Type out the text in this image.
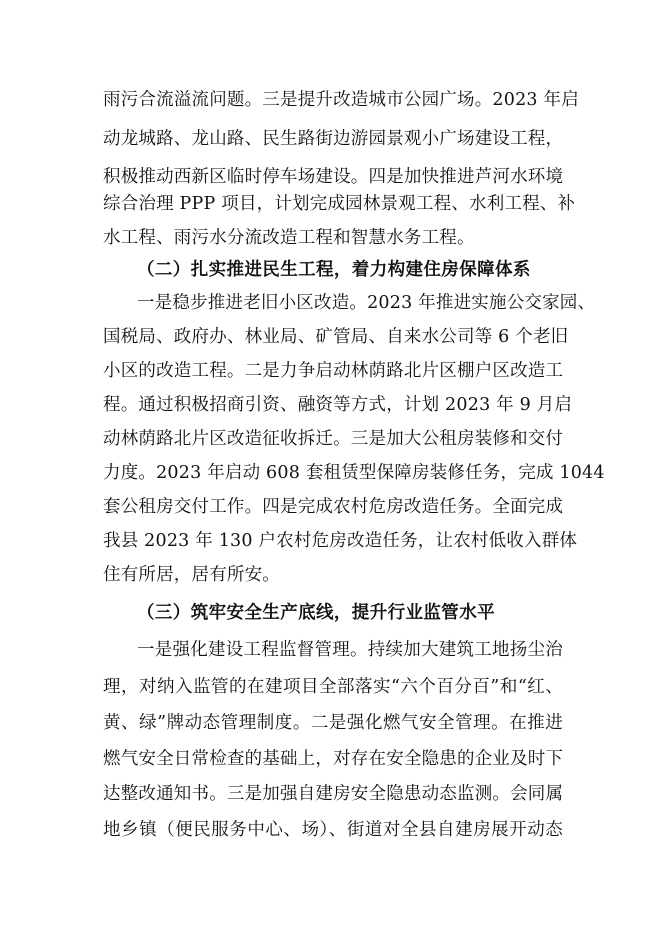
雨污合流溢流问题。三是提升改造城市公园广场。2023 年启
动龙城路、龙山路、民生路街边游园景观小广场建设工程，
积极推动西新区临时停车场建设。四是加快推进芦河水环境
综合治理 PPP 项目，计划完成园林景观工程、水利工程、补
水工程、雨污水分流改造工程和智慧水务工程。
（二）扎实推进民生工程，着力构建住房保障体系
一是稳步推进老旧小区改造。2023 年推进实施公交家园、
国税局、政府办、林业局、矿管局、自来水公司等 6 个老旧
小区的改造工程。二是力争启动林荫路北片区棚户区改造工
程。通过积极招商引资、融资等方式，计划 2023 年 9 月启
动林荫路北片区改造征收拆迁。三是加大公租房装修和交付
力度。2023 年启动 608 套租赁型保障房装修任务，完成 1044
套公租房交付工作。四是完成农村危房改造任务。全面完成
我县 2023 年 130 户农村危房改造任务，让农村低收入群体
住有所居，居有所安。
（三）筑牢安全生产底线，提升行业监管水平
一是强化建设工程监督管理。持续加大建筑工地扬尘治
理，对纳入监管的在建项目全部落实“六个百分百”和“红、
黄、绿”牌动态管理制度。二是强化燃气安全管理。在推进
燃气安全日常检查的基础上，对存在安全隐患的企业及时下
达整改通知书。三是加强自建房安全隐患动态监测。会同属
地乡镇（便民服务中心、场）、街道对全县自建房展开动态
